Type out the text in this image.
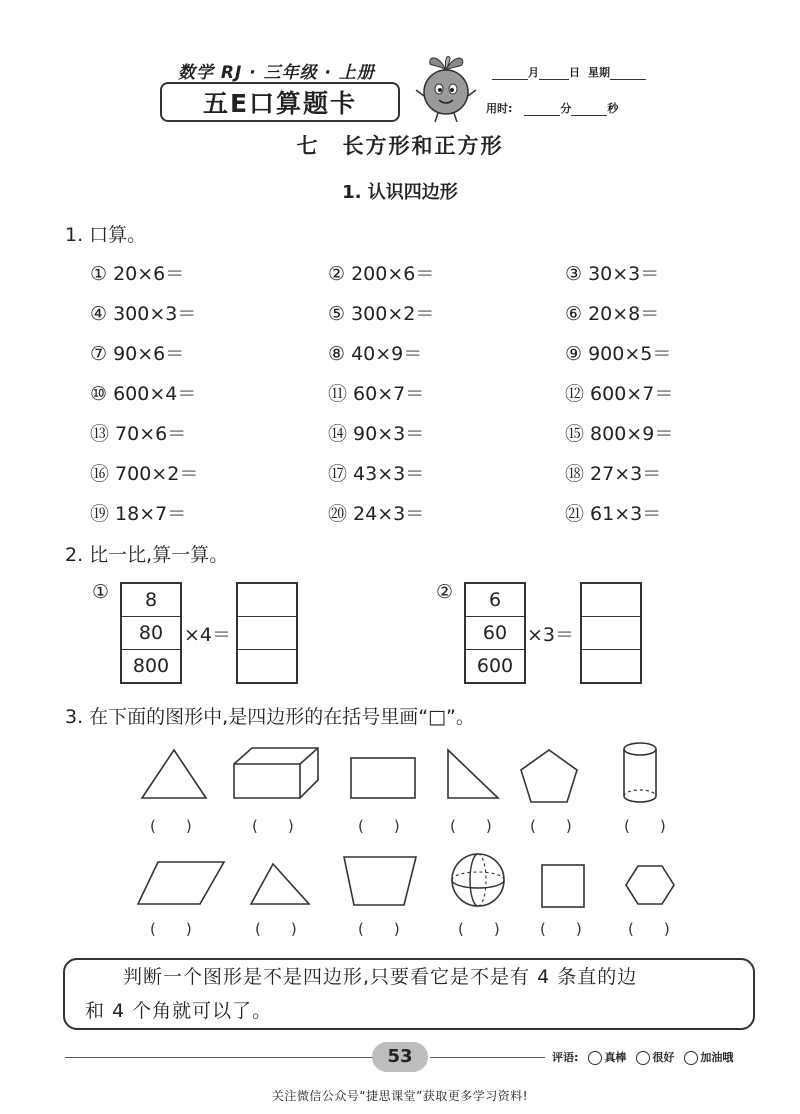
数学 RJ · 三年级 · 上册
五E口算题卡
月	日 星期
用时:	分	秒
七　长方形和正方形
1. 认识四边形
1. 口算。
① 20×6＝	② 200×6＝	③ 30×3＝
④ 300×3＝	⑤ 300×2＝	⑥ 20×8＝
⑦ 90×6＝	⑧ 40×9＝	⑨ 900×5＝
⑩ 600×4＝	⑪ 60×7＝	⑫ 600×7＝
⑬ 70×6＝	⑭ 90×3＝	⑮ 800×9＝
⑯ 700×2＝	⑰ 43×3＝	⑱ 27×3＝
⑲ 18×7＝	⑳ 24×3＝	㉑ 61×3＝
2. 比一比,算一算。
①	8
80
800
×4＝
②	6
60
600
×3＝
3. 在下面的图形中,是四边形的在括号里画“□”。
(　　)	(　　)	(　　)	(　　)	(　　)	(　　)
(　　)	(　　)	(　　)	(　　)	(　　)	(　　)
判断一个图形是不是四边形,只要看它是不是有 4 条直的边
和 4 个角就可以了。
53	评语: 真棒 很好 加油哦
关注微信公众号“捷思课堂”获取更多学习资料!
